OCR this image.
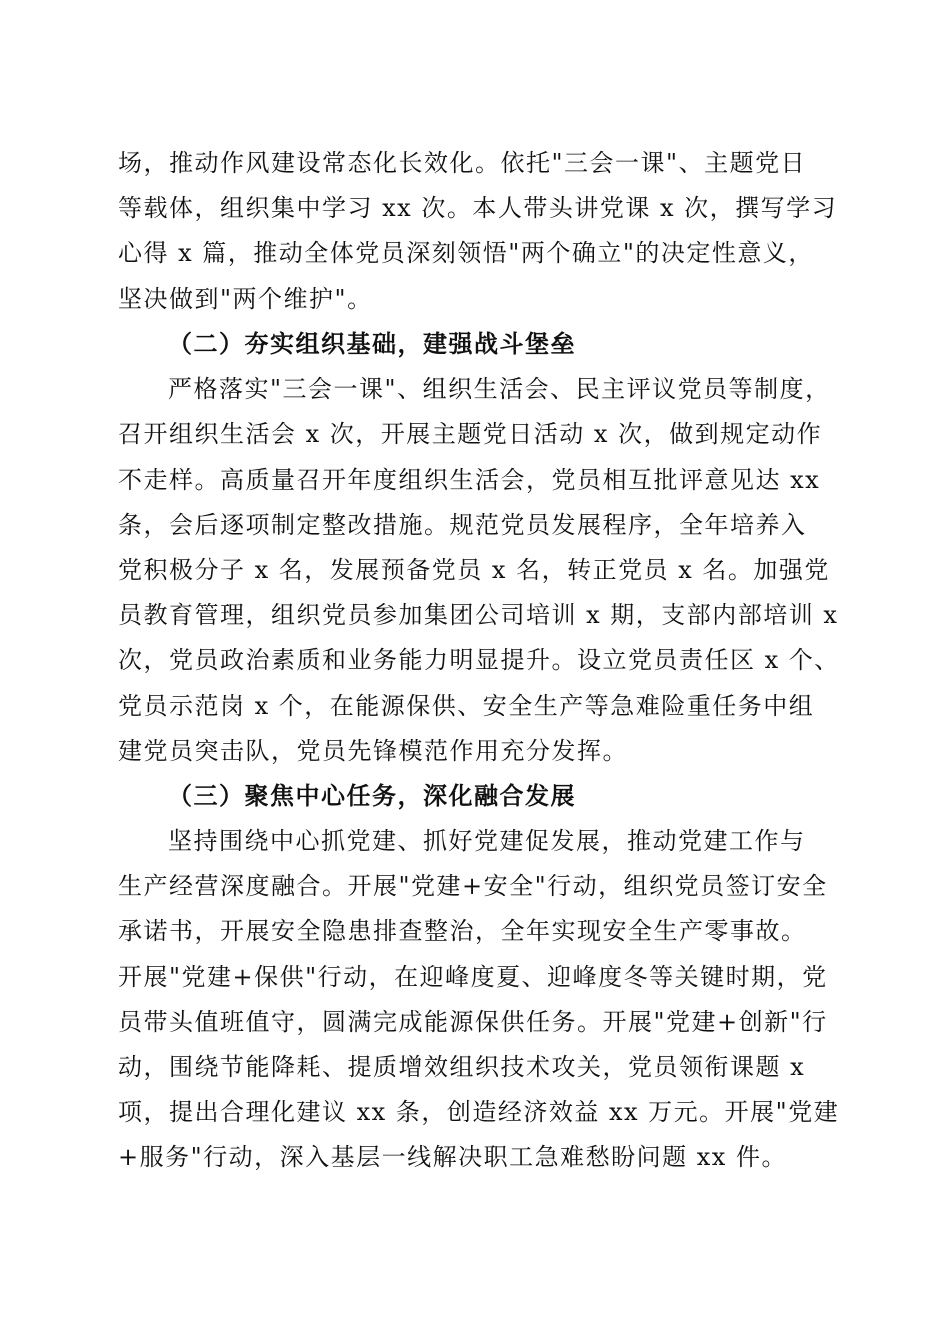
场，推动作风建设常态化长效化。依托"三会一课"、主题党日
等载体，组织集中学习 xx 次。本人带头讲党课 x 次，撰写学习
心得 x 篇，推动全体党员深刻领悟"两个确立"的决定性意义，
坚决做到"两个维护"。
（二）夯实组织基础，建强战斗堡垒
严格落实"三会一课"、组织生活会、民主评议党员等制度，
召开组织生活会 x 次，开展主题党日活动 x 次，做到规定动作
不走样。高质量召开年度组织生活会，党员相互批评意见达 xx
条，会后逐项制定整改措施。规范党员发展程序，全年培养入
党积极分子 x 名，发展预备党员 x 名，转正党员 x 名。加强党
员教育管理，组织党员参加集团公司培训 x 期，支部内部培训 x
次，党员政治素质和业务能力明显提升。设立党员责任区 x 个、
党员示范岗 x 个，在能源保供、安全生产等急难险重任务中组
建党员突击队，党员先锋模范作用充分发挥。
（三）聚焦中心任务，深化融合发展
坚持围绕中心抓党建、抓好党建促发展，推动党建工作与
生产经营深度融合。开展"党建+安全"行动，组织党员签订安全
承诺书，开展安全隐患排查整治，全年实现安全生产零事故。
开展"党建+保供"行动，在迎峰度夏、迎峰度冬等关键时期，党
员带头值班值守，圆满完成能源保供任务。开展"党建+创新"行
动，围绕节能降耗、提质增效组织技术攻关，党员领衔课题 x
项，提出合理化建议 xx 条，创造经济效益 xx 万元。开展"党建
+服务"行动，深入基层一线解决职工急难愁盼问题 xx 件。
